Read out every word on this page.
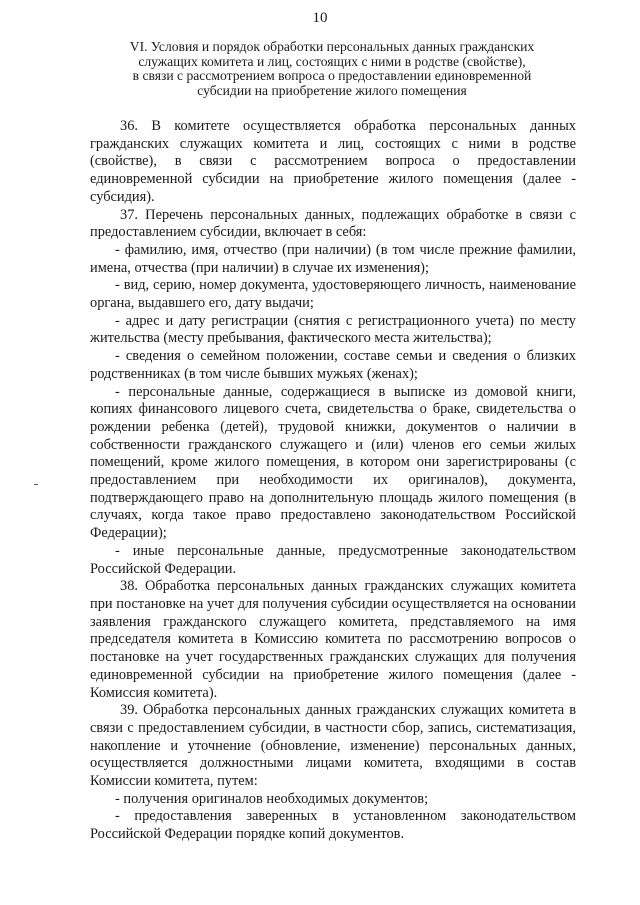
10
VI. Условия и порядок обработки персональных данных гражданских
служащих комитета и лиц, состоящих с ними в родстве (свойстве),
в связи с рассмотрением вопроса о предоставлении единовременной
субсидии на приобретение жилого помещения

36. В комитете осуществляется обработка персональных данных гражданских служащих комитета и лиц, состоящих с ними в родстве (свойстве), в связи с рассмотрением вопроса о предоставлении единовременной субсидии на приобретение жилого помещения (далее - субсидия).

37. Перечень персональных данных, подлежащих обработке в связи с предоставлением субсидии, включает в себя:

- фамилию, имя, отчество (при наличии) (в том числе прежние фамилии, имена, отчества (при наличии) в случае их изменения);

- вид, серию, номер документа, удостоверяющего личность, наименование органа, выдавшего его, дату выдачи;

- адрес и дату регистрации (снятия с регистрационного учета) по месту жительства (месту пребывания, фактического места жительства);

- сведения о семейном положении, составе семьи и сведения о близких родственниках (в том числе бывших мужьях (женах);

- персональные данные, содержащиеся в выписке из домовой книги, копиях финансового лицевого счета, свидетельства о браке, свидетельства о рождении ребенка (детей), трудовой книжки, документов о наличии в собственности гражданского служащего и (или) членов его семьи жилых помещений, кроме жилого помещения, в котором они зарегистрированы (с предоставлением при необходимости их оригиналов), документа, подтверждающего право на дополнительную площадь жилого помещения (в случаях, когда такое право предоставлено законодательством Российской Федерации);

- иные персональные данные, предусмотренные законодательством Российской Федерации.

38. Обработка персональных данных гражданских служащих комитета при постановке на учет для получения субсидии осуществляется на основании заявления гражданского служащего комитета, представляемого на имя председателя комитета в Комиссию комитета по рассмотрению вопросов о постановке на учет государственных гражданских служащих для получения единовременной субсидии на приобретение жилого помещения (далее - Комиссия комитета).

39. Обработка персональных данных гражданских служащих комитета в связи с предоставлением субсидии, в частности сбор, запись, систематизация, накопление и уточнение (обновление, изменение) персональных данных, осуществляется должностными лицами комитета, входящими в состав Комиссии комитета, путем:

- получения оригиналов необходимых документов;

- предоставления заверенных в установленном законодательством Российской Федерации порядке копий документов.
